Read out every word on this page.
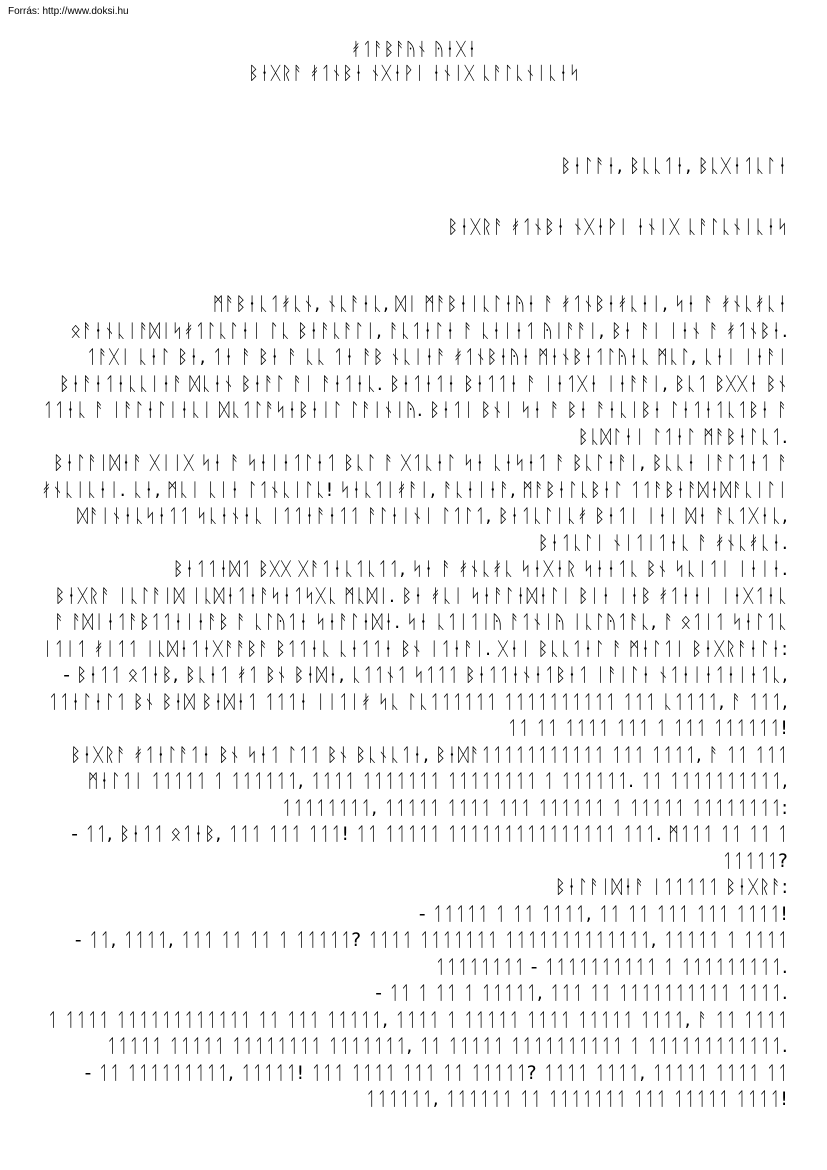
Forrás: http://www.doksi.hu
ᚯᛐᚨᛒᚨᚤᚾ ᚤᛂᚷᛂ
ᛒᛂᚷᚱᚨ ᚯᛐᚾᛒᛂ ᚾᚷᛂᚹᛁ ᛂᚾᛁᚷ ᚳᚨᛚᚳᚾᛁᚳᛂᛋ
ᛒᛂᛚᚨᛂ, ᛒᚳᚳᛐᛂ, ᛒᚳᚷᛂᛐᚳᛚᛂ
ᛒᛂᚷᚱᚨ ᚯᛐᚾᛒᛂ ᚾᚷᛂᚹᛁ ᛂᚾᛁᚷ ᚳᚨᛚᚳᚾᛁᚳᛂᛋ

ᛗᚨᛒᛂᚳᛐᚯᚳᚾ, ᚾᚳᚨᛂᚳ, ᛞᛁ ᛗᚨᛒᛂᛁᚳᛚᛂᚤᛂ ᚨ ᚯᛐᚾᛒᛂᚯᚳᛂᛁ, ᛋᛂ ᚨ ᚯᚾᚳᚯᚳᛂ ᛟᚨᛂᚾᚳᛁᚨᛞᛁᛋᚯᛐᛚᚳᛚᛂᛁ ᛚᚳ ᛒᛂᚨᚳᚨᛚᛁ, ᚨᚳᛐᛂᛚᛂ ᚨ ᚳᛂᛁᛂᛐ ᚤᛁᚨᚨᛁ, ᛒᛂ ᚨᛁ ᛁᛂᚾ ᚨ ᚯᛐᚾᛒᛂ. ᛐᚨᚷᛁ ᚳᛂᛚ ᛒᛂ, ᛐᛂ ᚨ ᛒᛂ ᚨ ᚳᚳ ᛐᛂ ᚨᛒ ᚾᚳᛁᛂᚨ ᚯᛐᚾᛒᛂᚤᛂ ᛗᛂᚾᛒᛂᛐᛚᚤᛂᚳ ᛗᚳᛚ, ᚳᛂᛁ ᛁᛂᚨᛁ ᛒᛂᚨᛂᛐᛂᚳᚳᛁᛂᚨ ᛞᚳᛂᚾ ᛒᛂᚨᛚ ᚨᛁ ᚨᛂᛐᛂᚳ. ᛒᛂᛐᛂᛐᛂ ᛒᛂᛐᛐᛂ ᚨ ᛁᛂᛐᚷᛂ ᛁᛂᚨᚨᛁ, ᛒᚳᛐ ᛒᚷᚷᛂ ᛒᚾ ᛐᛐᛂᚳ ᚨ ᛁᚨᛚᛂᛚᛁᛂᚳᛁ ᛞᚳᛐᛚᚨᛋᛂᛒᛂᛁᛚ ᛚᚨᛁᚾᛁᚤ. ᛒᛂᛐᛁ ᛒᚾᛁ ᛋᛂ ᚨ ᛒᛂ ᚨᛂᚳᛁᛒᛂ ᛚᛂᛐᛂᛐᚳᛐᛒᛂ ᚨ ᛒᚳᛞᛚᛂᛁ ᛚᛐᛂᛚ ᛗᚨᛒᛂᛚᚳᛐ.

ᛒᛂᛚᚨᛁᛞᛂᚨ ᚷᛁᛁᚷ ᛋᛂ ᚨ ᛋᛂᛁᛂᛐᛚᛂᛐ ᛒᚳᛚ ᚨ ᚷᛐᚳᛂᛚ ᛋᛂ ᚳᛂᛋᛂᛐ ᚨ ᛒᚳᛚᛂᚨᛁ, ᛒᚳᚳᛂ ᛁᚨᛚᛐᛂᛐ ᚨ ᚯᚾᚳᛁᚳᛂᛁ. ᚳᛂ, ᛗᚳᛁ ᚳᛁᛂ ᛚᛐᚾᚳᛁᛚᚳ! ᛋᛂᚳᛐᛁᚯᚨᛁ, ᚨᚳᛂᛁᛂᚨ, ᛗᚨᛒᛂᛚᚳᛒᛂᛚ ᛐᛐᚨᛒᛂᚨᛞᛂᛞᚨᚳᛁᛚᛁ ᛞᚨᛁᚾᛂᚳᛋᛂᛐᛐ ᛋᚳᛂᚾᛂᚳ ᛁᛐᛐᛂᚨᛂᛐᛐ ᚨᛚᛂᛁᚾᛁ ᛚᛐᛚᛐ, ᛒᛂᛐᚳᛚᛁᚳᚯ ᛒᛂᛐᛁ ᛁᛂᛁ ᛞᛂ ᚨᚳᛐᚷᛂᚳ, ᛒᛂᛐᚳᛚᛁ ᚾᛁᛐᛁᛐᛂᚳ ᚨ ᚯᚾᚳᚯᚳᛂ.

ᛒᛂᛐᛐᛂᛞᛐ ᛒᚷᚷ ᚷᚨᛐᛂᚳᛐᚳᛐᛐ, ᛋᛂ ᚨ ᚯᚾᚳᚯᚳ ᛋᛂᚷᛂᚱ ᛋᛂᛂᛐᚳ ᛒᚾ ᛋᚳᛁᛐᛁ ᛁᛂᛁᛂ.

ᛒᛂᚷᚱᚨ ᛁᚳᛚᚨᛁᛞ ᛁᚳᛞᛂᛐᛂᚨᛋᛂᛐᛋᚷᚳ ᛗᚳᛞᛁ. ᛒᛂ ᚯᚳᛁ ᛋᛂᚨᛚᛂᛞᛂᛚᛁ ᛒᛁᛂ ᛁᛂᛒ ᚯᛐᛂᛂᛁ ᛁᛂᚷᛐᛂᚳ ᚨ ᚨᛞᛁᛂᛐᚨᛒᛐᛐᛂᛁᛂᚨᛒ ᚨ ᚳᛚᚤᛐᛂ ᛋᛂᚨᛚᛂᛞᛂ. ᛋᛂ ᚳᛐᛁᛐᛁᚤ ᚨᛐᚾᛁᚤ ᛁᚳᛚᚤᛐᚨᚳ, ᚨ ᛟᛐᛁᛐ ᛋᛂᛚᛐᚳ ᛁᛐᛁᛐ ᚯᛁᛐᛐ ᛁᚳᛞᛂᛐᛂᚷᚨᚨᛒᚨ ᛒᛐᛐᛂᚳ ᚳᛂᛐᛐᛂ ᛒᚾ ᛁᛐᛂᚨᛁ. ᚷᛂᛁ ᛒᚳᚳᛐᛂᛚ ᚨ ᛗᛂᛚᛐᛁ ᛒᛂᚷᚱᚨᛂᛚᛂ:

- ᛒᛂᛐᛐ ᛟᛐᛂᛒ, ᛒᚳᛂᛐ ᚯᛐ ᛒᚾ ᛒᛂᛞᛂ, ᚳᛐᛐᚾᛐ ᛋᛐᛐᛐ ᛒᛂᛐᛐᛂᚾᛂᛐᛒᛂᛐ ᛁᚨᛁᛚᛂ ᚾᛐᛂᛁᛂᛐᛂᛁᛂᛐᚳ, ᛐᛐᛂᛚᛂᛚᛐ ᛒᚾ ᛒᛂᛞ ᛒᛂᛞᛂᛐ ᛐᛐᛐᛂ ᛁᛁᛐᛁᚯ ᛋᚳ ᛚᚳᛐᛐᛐᛐᛐᛐ ᛐᛐᛐᛐᛐᛐᛐᛐᛐᛐ ᛐᛐᛐ ᚳᛐᛐᛐᛐ, ᚨ ᛐᛐᛐ, ᛐᛐ ᛐᛐ ᛐᛐᛐᛐ ᛐᛐᛐ ᛐ ᛐᛐᛐ ᛐᛐᛐᛐᛐᛐ!

ᛒᛂᚷᚱᚨ ᚯᛐᛂᛚᚨᛐᛂ ᛒᚾ ᛋᛂᛐ ᛚᛐᛐ ᛒᚾ ᛒᚳᚾᚳᛐᛂ, ᛒᛂᛞᚨᛐᛐᛐᛐᛐᛐᛐᛐᛐᛐᛐ ᛐᛐᛐ ᛐᛐᛐᛐ, ᚨ ᛐᛐ ᛐᛐᛐ ᛗᛂᛚᛐᛁ ᛐᛐᛐᛐᛐ ᛐ ᛐᛐᛐᛐᛐᛐ, ᛐᛐᛐᛐ ᛐᛐᛐᛐᛐᛐᛐ ᛐᛐᛐᛐᛐᛐᛐᛐ ᛐ ᛐᛐᛐᛐᛐᛐ. ᛐᛐ ᛐᛐᛐᛐᛐᛐᛐᛐᛐᛐ, ᛐᛐᛐᛐᛐᛐᛐᛐ, ᛐᛐᛐᛐᛐ ᛐᛐᛐᛐ ᛐᛐᛐ ᛐᛐᛐᛐᛐᛐ ᛐ ᛐᛐᛐᛐᛐ ᛐᛐᛐᛐᛐᛐᛐᛐ:

- ᛐᛐ, ᛒᛂᛐᛐ ᛟᛐᛂᛒ, ᛐᛐᛐ ᛐᛐᛐ ᛐᛐᛐ! ᛐᛐ ᛐᛐᛐᛐᛐ ᛐᛐᛐᛐᛐᛐᛐᛐᛐᛐᛐᛐᛐᛐᛐ ᛐᛐᛐ. ᛗᛐᛐᛐ ᛐᛐ ᛐᛐ ᛐ ᛐᛐᛐᛐᛐ?

ᛒᛂᛚᚨᛁᛞᛂᚨ ᛁᛐᛐᛐᛐᛐ ᛒᛂᚷᚱᚨ:

- ᛐᛐᛐᛐᛐ ᛐ ᛐᛐ ᛐᛐᛐᛐ, ᛐᛐ ᛐᛐ ᛐᛐᛐ ᛐᛐᛐ ᛐᛐᛐᛐ!

- ᛐᛐ, ᛐᛐᛐᛐ, ᛐᛐᛐ ᛐᛐ ᛐᛐ ᛐ ᛐᛐᛐᛐᛐ? ᛐᛐᛐᛐ ᛐᛐᛐᛐᛐᛐᛐ ᛐᛐᛐᛐᛐᛐᛐᛐᛐᛐᛐᛐᛐ, ᛐᛐᛐᛐᛐ ᛐ ᛐᛐᛐᛐ ᛐᛐᛐᛐᛐᛐᛐᛐ - ᛐᛐᛐᛐᛐᛐᛐᛐᛐᛐ ᛐ ᛐᛐᛐᛐᛐᛐᛐᛐᛐ.

- ᛐᛐ ᛐ ᛐᛐ ᛐ ᛐᛐᛐᛐᛐ, ᛐᛐᛐ ᛐᛐ ᛐᛐᛐᛐᛐᛐᛐᛐᛐᛐ ᛐᛐᛐᛐ.

ᛐ ᛐᛐᛐᛐ ᛐᛐᛐᛐᛐᛐᛐᛐᛐᛐᛐᛐ ᛐᛐ ᛐᛐᛐ ᛐᛐᛐᛐᛐ, ᛐᛐᛐᛐ ᛐ ᛐᛐᛐᛐᛐ ᛐᛐᛐᛐ ᛐᛐᛐᛐᛐ ᛐᛐᛐᛐ, ᚨ ᛐᛐ ᛐᛐᛐᛐ ᛐᛐᛐᛐᛐ ᛐᛐᛐᛐᛐ ᛐᛐᛐᛐᛐᛐᛐᛐ ᛐᛐᛐᛐᛐᛐᛐ, ᛐᛐ ᛐᛐᛐᛐᛐ ᛐᛐᛐᛐᛐᛐᛐᛐᛐᛐ ᛐ ᛐᛐᛐᛐᛐᛐᛐᛐᛐᛐᛐᛐ.

- ᛐᛐ ᛐᛐᛐᛐᛐᛐᛐᛐᛐ, ᛐᛐᛐᛐᛐ! ᛐᛐᛐ ᛐᛐᛐᛐ ᛐᛐᛐ ᛐᛐ ᛐᛐᛐᛐᛐ? ᛐᛐᛐᛐ ᛐᛐᛐᛐ, ᛐᛐᛐᛐᛐ ᛐᛐᛐᛐ ᛐᛐ ᛐᛐᛐᛐᛐᛐ, ᛐᛐᛐᛐᛐᛐ ᛐᛐ ᛐᛐᛐᛐᛐᛐᛐ ᛐᛐᛐ ᛐᛐᛐᛐᛐ ᛐᛐᛐᛐ!
